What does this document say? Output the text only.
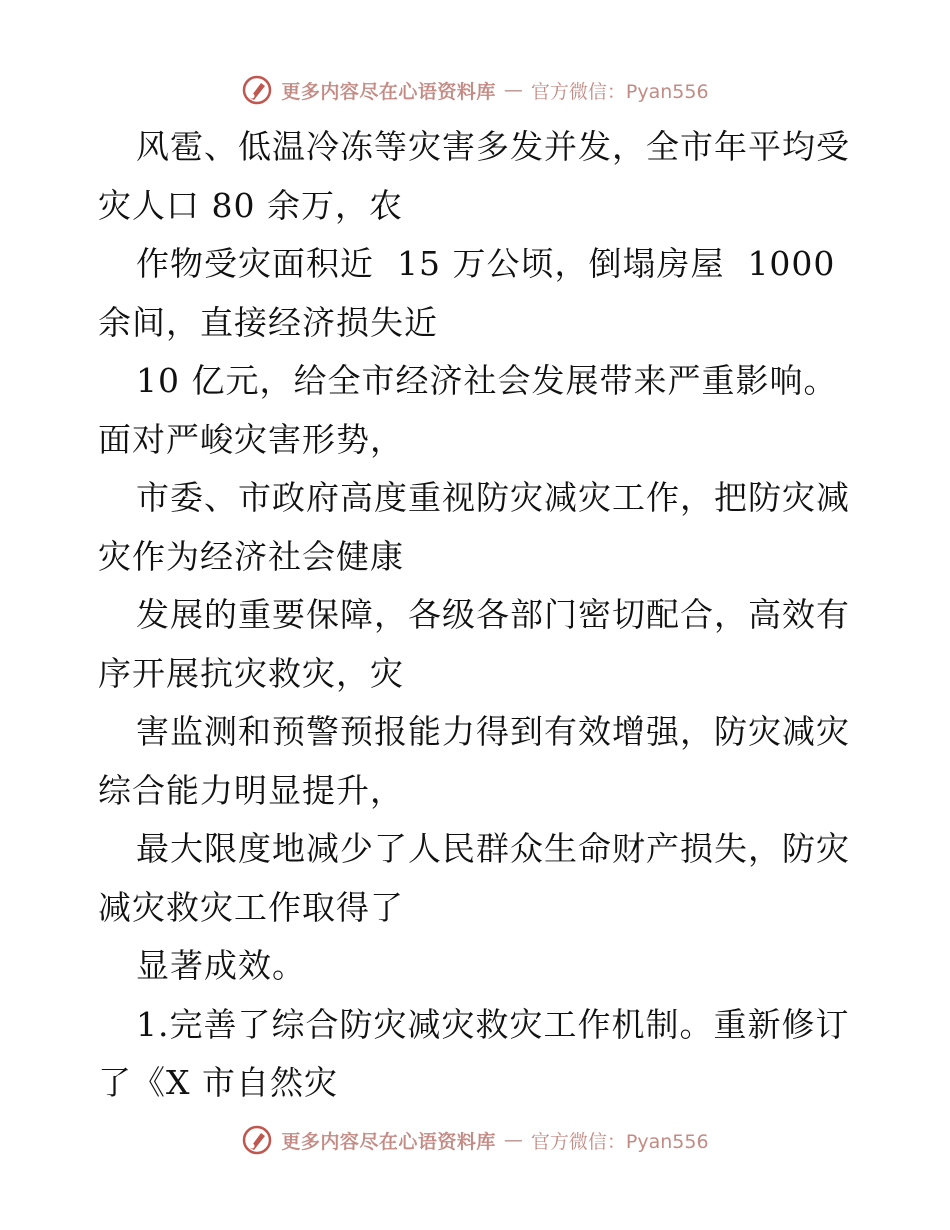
更多内容尽在心语资料库 — 官方微信：Pyan556
风雹、低温冷冻等灾害多发并发，全市年平均受
灾人口 80 余万，农
作物受灾面积近  15 万公顷，倒塌房屋  1000
余间，直接经济损失近
10 亿元，给全市经济社会发展带来严重影响。
面对严峻灾害形势，
市委、市政府高度重视防灾减灾工作，把防灾减
灾作为经济社会健康
发展的重要保障，各级各部门密切配合，高效有
序开展抗灾救灾，灾
害监测和预警预报能力得到有效增强，防灾减灾
综合能力明显提升，
最大限度地减少了人民群众生命财产损失，防灾
减灾救灾工作取得了
显著成效。
1.完善了综合防灾减灾救灾工作机制。重新修订
了《X 市自然灾
更多内容尽在心语资料库 — 官方微信：Pyan556
